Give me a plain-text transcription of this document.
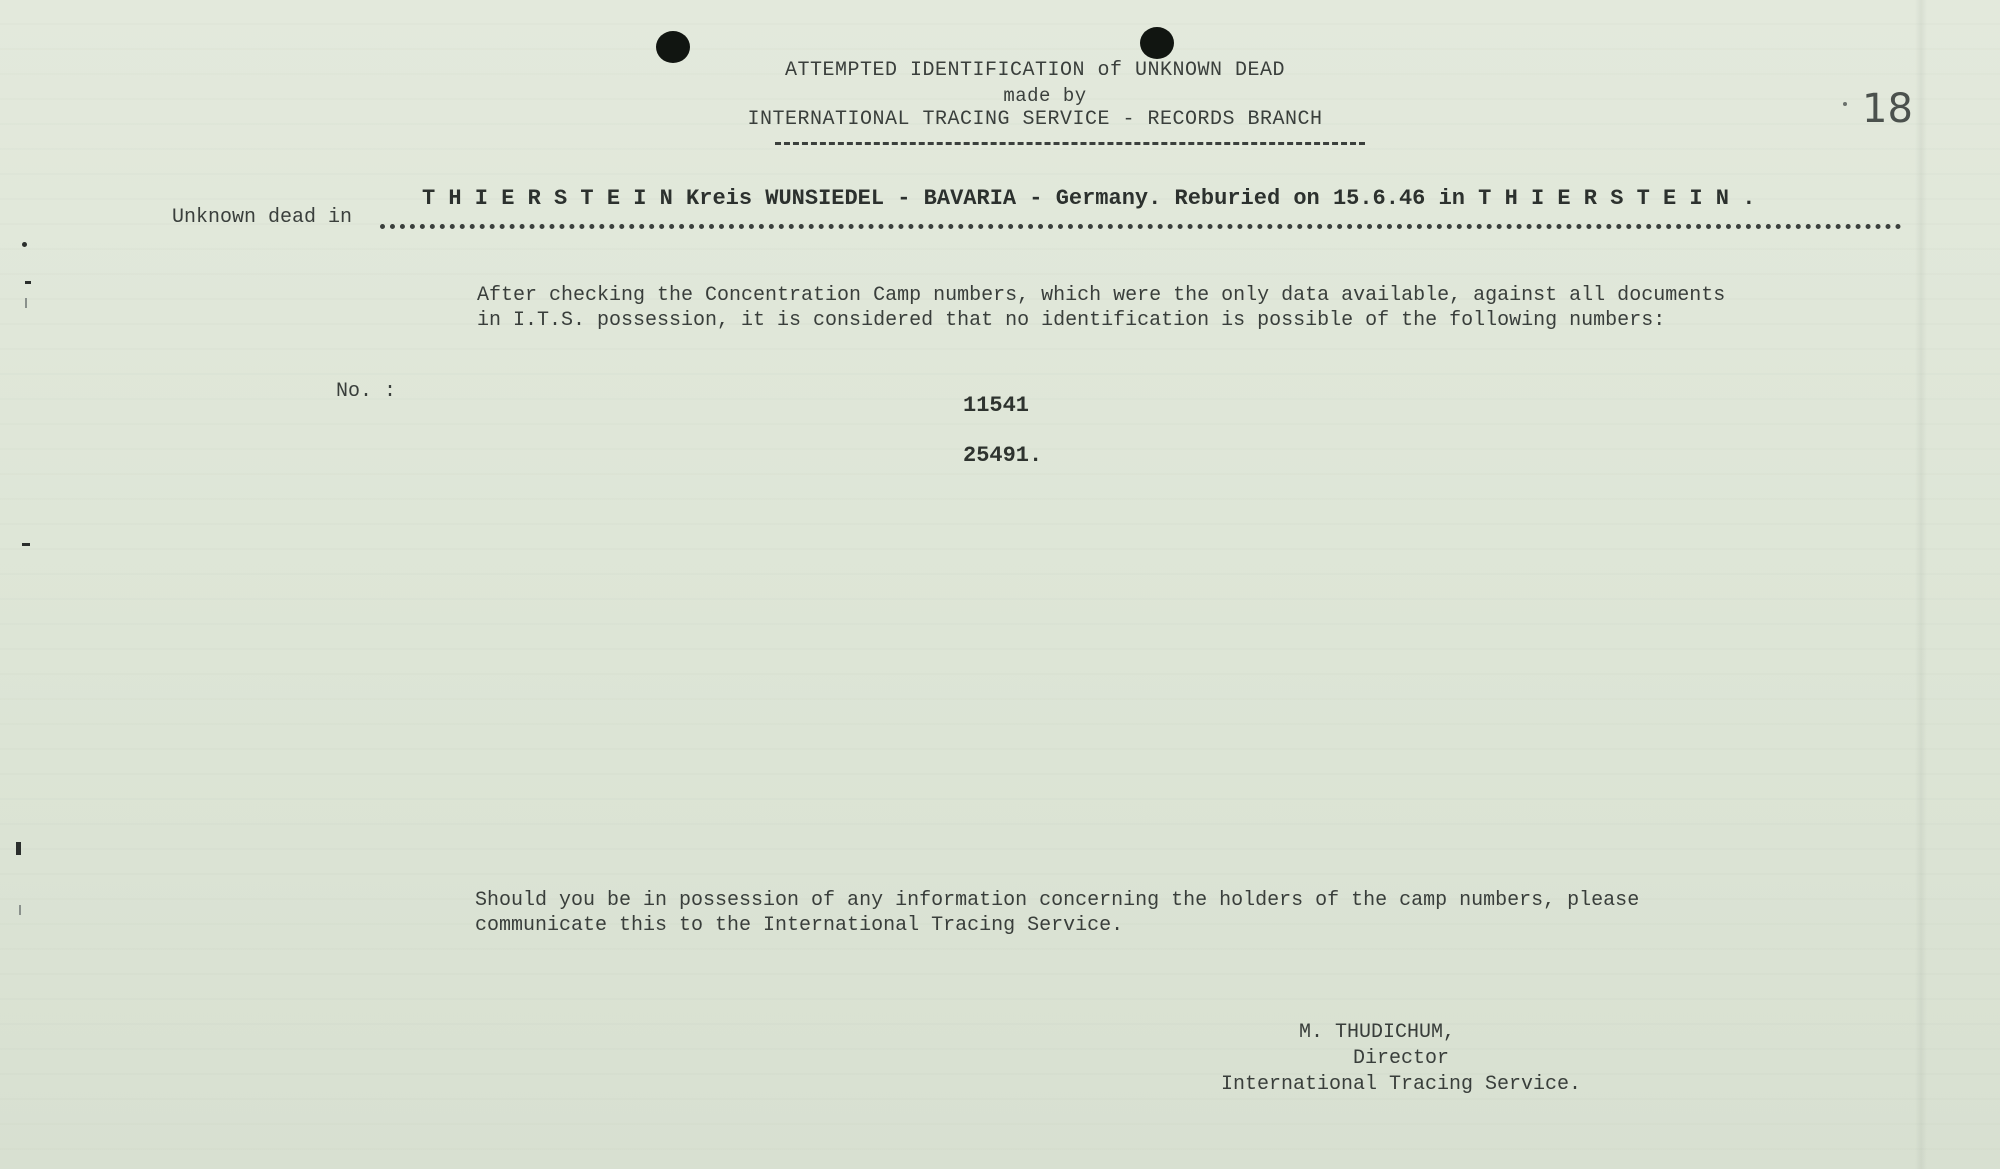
ATTEMPTED IDENTIFICATION of UNKNOWN DEAD
made by
INTERNATIONAL TRACING SERVICE - RECORDS BRANCH	18
Unknown dead in
T H I E R S T E I N Kreis WUNSIEDEL - BAVARIA - Germany. Reburied on 15.6.46 in T H I E R S T E I N .
After checking the Concentration Camp numbers, which were the only data available, against all documents in I.T.S. possession, it is considered that no identification is possible of the following numbers:
No. :
11541
25491.
Should you be in possession of any information concerning the holders of the camp numbers, please communicate this to the International Tracing Service.
M. THUDICHUM,
Director
International Tracing Service.
